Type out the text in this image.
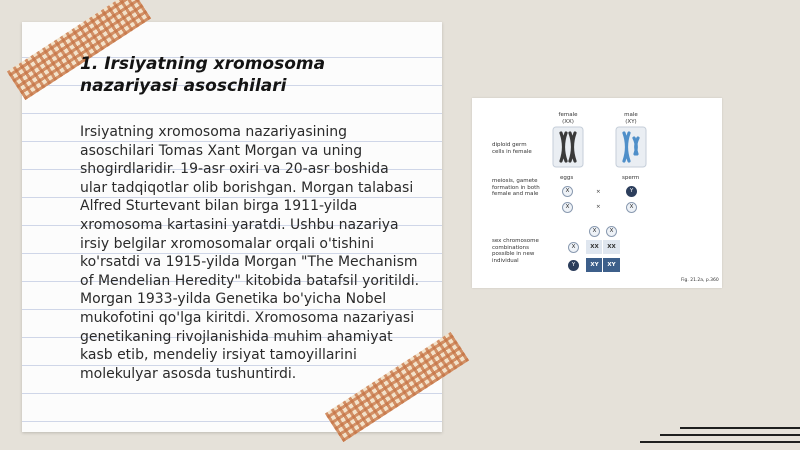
1. Irsiyatning xromosoma nazariyasi asoschilari

Irsiyatning xromosoma nazariyasining asoschilari Tomas Xant Morgan va uning shogirdlaridir. 19-asr oxiri va 20-asr boshida ular tadqiqotlar olib borishgan. Morgan talabasi Alfred Sturtevant bilan birga 1911-yilda xromosoma kartasini yaratdi. Ushbu nazariya irsiy belgilar xromosomalar orqali o'tishini ko'rsatdi va 1915-yilda Morgan "The Mechanism of Mendelian Heredity" kitobida batafsil yoritildi. Morgan 1933-yilda Genetika bo'yicha Nobel mukofotini qo'lga kiritdi. Xromosoma nazariyasi genetikaning rivojlanishida muhim ahamiyat kasb etib, mendeliy irsiyat tamoyillarini molekulyar asosda tushuntirdi.

female
(XX)
male
(XY)
diploid germ cells in female
meiosis, gamete formation in both female and male
sex chromosome combinations possible in new individual
eggs	sperm
X
X
×
×
Y
X
X	X
X
Y
XX	XX
XY	XY
Fig. 21.2a, p.360
